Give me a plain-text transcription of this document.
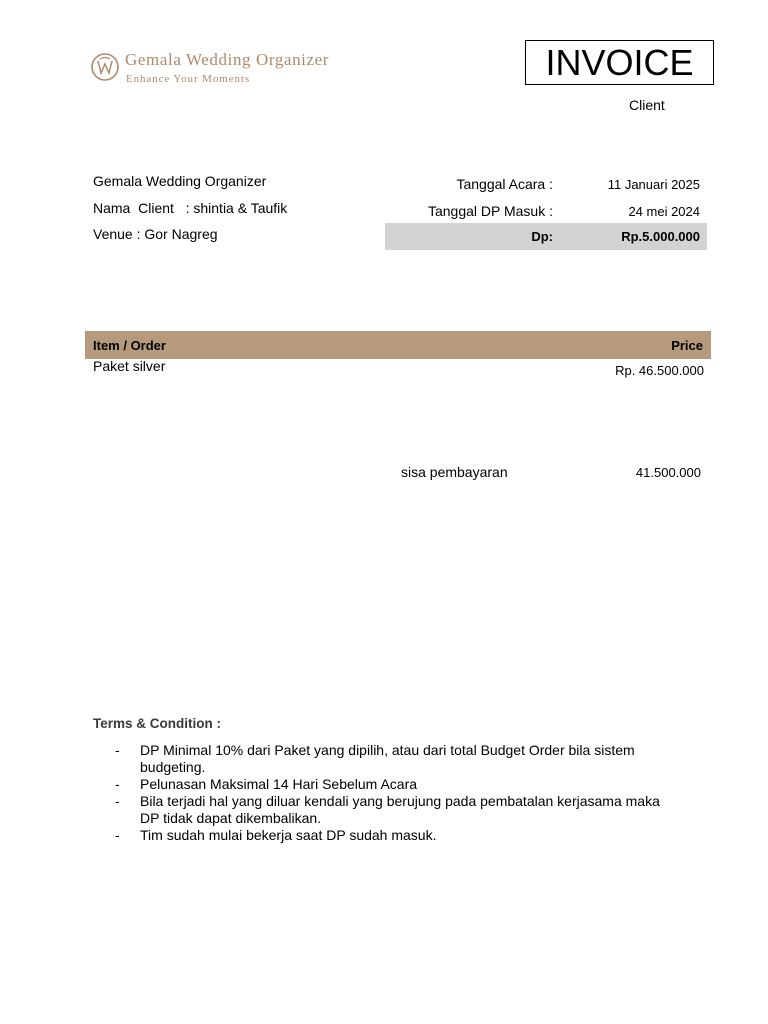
Gemala Wedding Organizer
Enhance Your Moments	INVOICE
Client
Gemala Wedding Organizer
Nama  Client   : shintia & Taufik
Venue : Gor Nagreg
Tanggal Acara :	11 Januari 2025
Tanggal DP Masuk :	24 mei 2024
Dp:	Rp.5.000.000
Item / Order	Price
Paket silver	Rp. 46.500.000
sisa pembayaran	41.500.000
Terms & Condition :

- DP Minimal 10% dari Paket yang dipilih, atau dari total Budget Order bila sistem budgeting.

- Pelunasan Maksimal 14 Hari Sebelum Acara

- Bila terjadi hal yang diluar kendali yang berujung pada pembatalan kerjasama maka DP tidak dapat dikembalikan.

- Tim sudah mulai bekerja saat DP sudah masuk.
